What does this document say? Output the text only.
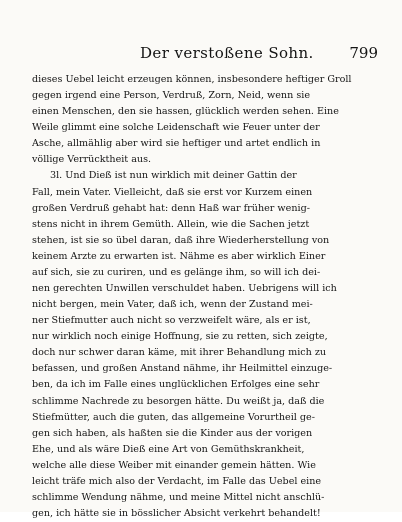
Der verstoßene Sohn. 799
dieses Uebel leicht erzeugen können, insbesondere heftiger Groll
gegen irgend eine Person, Verdruß, Zorn, Neid, wenn sie
einen Menschen, den sie hassen, glücklich werden sehen. Eine
Weile glimmt eine solche Leidenschaft wie Feuer unter der
Asche, allmählig aber wird sie heftiger und artet endlich in
völlige Verrücktheit aus.
3l. Und Dieß ist nun wirklich mit deiner Gattin der
Fall, mein Vater. Vielleicht, daß sie erst vor Kurzem einen
großen Verdruß gehabt hat: denn Haß war früher wenig-
stens nicht in ihrem Gemüth. Allein, wie die Sachen jetzt
stehen, ist sie so übel daran, daß ihre Wiederherstellung von
keinem Arzte zu erwarten ist. Nähme es aber wirklich Einer
auf sich, sie zu curiren, und es gelänge ihm, so will ich dei-
nen gerechten Unwillen verschuldet haben. Uebrigens will ich
nicht bergen, mein Vater, daß ich, wenn der Zustand mei-
ner Stiefmutter auch nicht so verzweifelt wäre, als er ist,
nur wirklich noch einige Hoffnung, sie zu retten, sich zeigte,
doch nur schwer daran käme, mit ihrer Behandlung mich zu
befassen, und großen Anstand nähme, ihr Heilmittel einzuge-
ben, da ich im Falle eines unglücklichen Erfolges eine sehr
schlimme Nachrede zu besorgen hätte. Du weißt ja, daß die
Stiefmütter, auch die guten, das allgemeine Vorurtheil ge-
gen sich haben, als haßten sie die Kinder aus der vorigen
Ehe, und als wäre Dieß eine Art von Gemüthskrankheit,
welche alle diese Weiber mit einander gemein hätten. Wie
leicht träfe mich also der Verdacht, im Falle das Uebel eine
schlimme Wendung nähme, und meine Mittel nicht anschlü-
gen, ich hätte sie in bösslicher Absicht verkehrt behandelt!
